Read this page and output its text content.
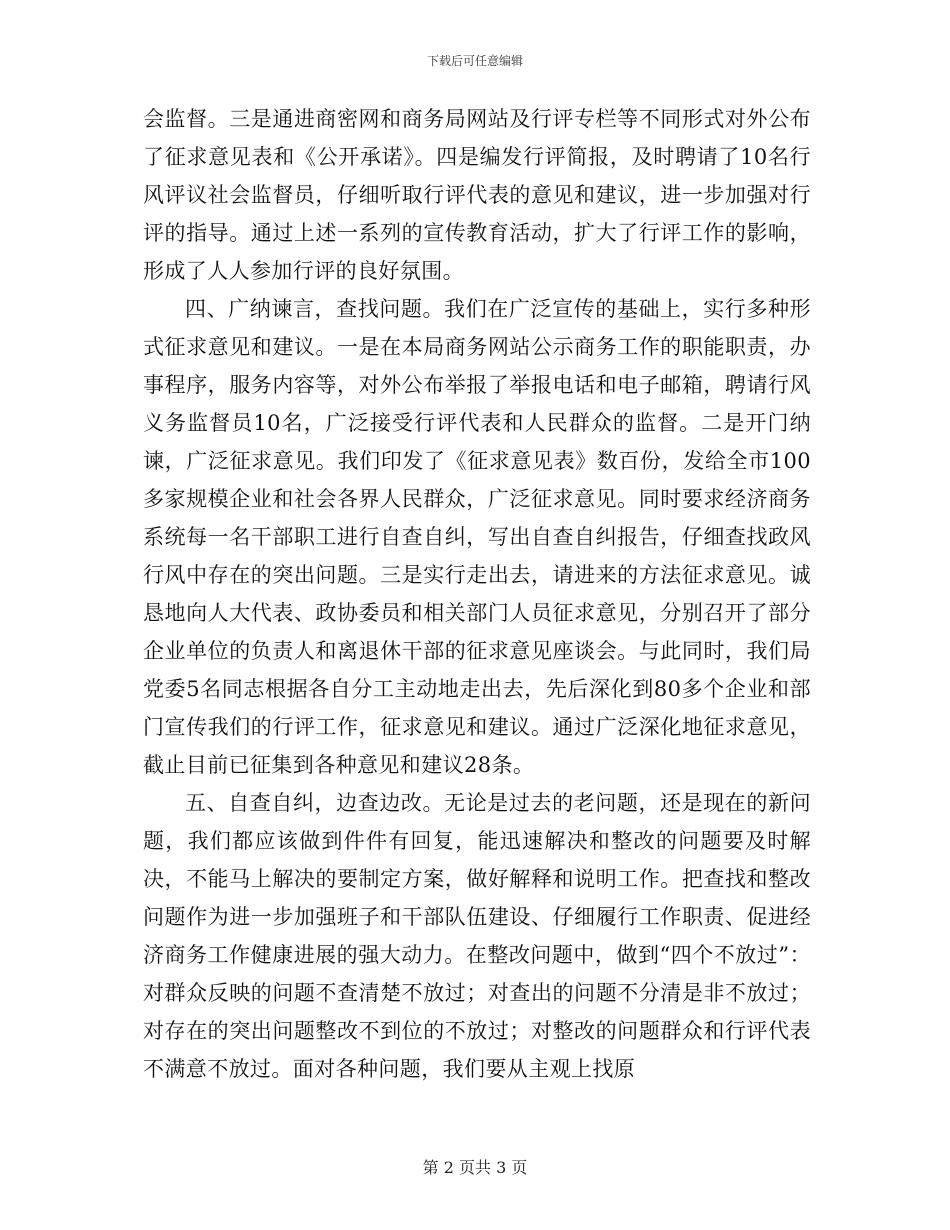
下载后可任意编辑

会监督。三是通进商密网和商务局网站及行评专栏等不同形式对外公布了征求意见表和《公开承诺》。四是编发行评简报，及时聘请了10名行风评议社会监督员，仔细听取行评代表的意见和建议，进一步加强对行评的指导。通过上述一系列的宣传教育活动，扩大了行评工作的影响，形成了人人参加行评的良好氛围。

四、广纳谏言，查找问题。我们在广泛宣传的基础上，实行多种形式征求意见和建议。一是在本局商务网站公示商务工作的职能职责，办事程序，服务内容等，对外公布举报了举报电话和电子邮箱，聘请行风义务监督员10名，广泛接受行评代表和人民群众的监督。二是开门纳谏，广泛征求意见。我们印发了《征求意见表》数百份，发给全市100多家规模企业和社会各界人民群众，广泛征求意见。同时要求经济商务系统每一名干部职工进行自查自纠，写出自查自纠报告，仔细查找政风行风中存在的突出问题。三是实行走出去，请进来的方法征求意见。诚恳地向人大代表、政协委员和相关部门人员征求意见，分别召开了部分企业单位的负责人和离退休干部的征求意见座谈会。与此同时，我们局党委5名同志根据各自分工主动地走出去，先后深化到80多个企业和部门宣传我们的行评工作，征求意见和建议。通过广泛深化地征求意见，截止目前已征集到各种意见和建议28条。

五、自查自纠，边查边改。无论是过去的老问题，还是现在的新问题，我们都应该做到件件有回复，能迅速解决和整改的问题要及时解决，不能马上解决的要制定方案，做好解释和说明工作。把查找和整改问题作为进一步加强班子和干部队伍建设、仔细履行工作职责、促进经济商务工作健康进展的强大动力。在整改问题中，做到“四个不放过”：对群众反映的问题不查清楚不放过；对查出的问题不分清是非不放过；对存在的突出问题整改不到位的不放过；对整改的问题群众和行评代表不满意不放过。面对各种问题，我们要从主观上找原

第 2 页共 3 页
